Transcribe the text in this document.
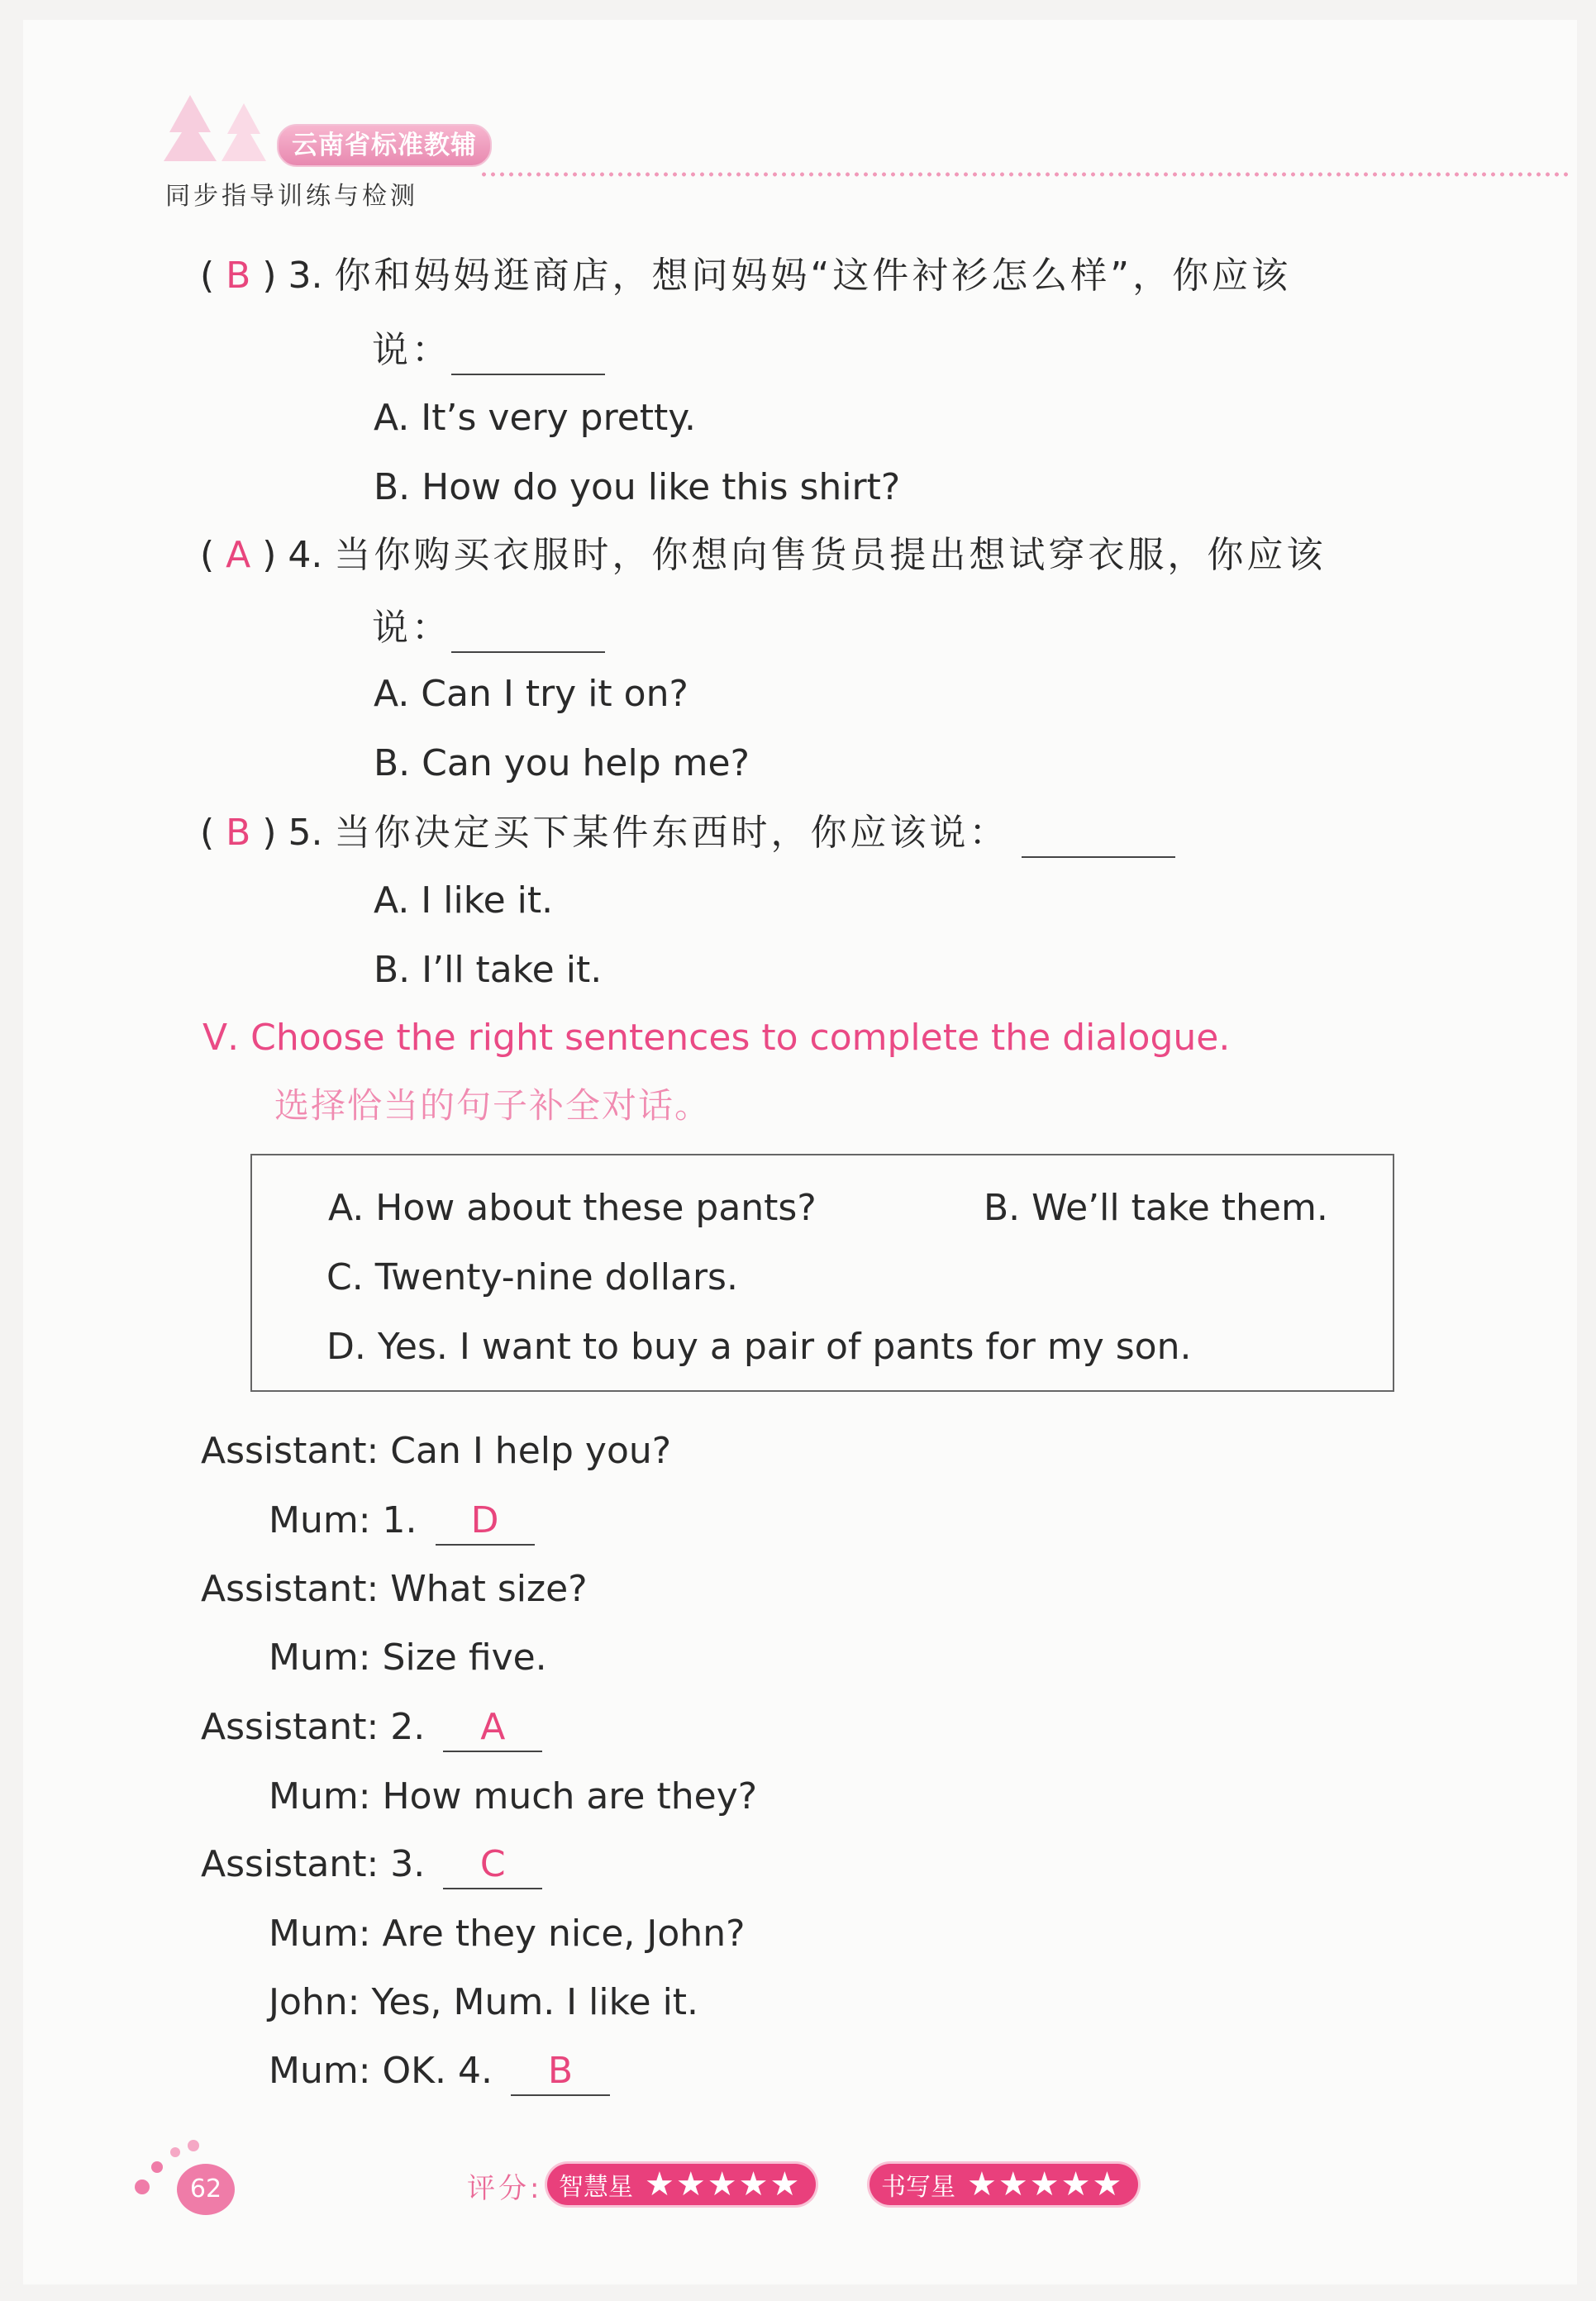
云南省标准教辅
同步指导训练与检测
( B ) 3. 你和妈妈逛商店，想问妈妈“这件衬衫怎么样”，你应该
说：
A. It’s very pretty.
B. How do you like this shirt?
( A ) 4. 当你购买衣服时，你想向售货员提出想试穿衣服，你应该
说：
A. Can I try it on?
B. Can you help me?
( B ) 5. 当你决定买下某件东西时，你应该说：
A. I like it.
B. I’ll take it.
Ⅴ. Choose the right sentences to complete the dialogue.
选择恰当的句子补全对话。
A. How about these pants?	B. We’ll take them.
C. Twenty-nine dollars.
D. Yes. I want to buy a pair of pants for my son.
Assistant: Can I help you?
Mum: 1. D
Assistant: What size?
Mum: Size five.
Assistant: 2. A
Mum: How much are they?
Assistant: 3. C
Mum: Are they nice, John?
John: Yes, Mum. I like it.
Mum: OK. 4. B
62	评分: 智慧星 ★★★★★	书写星 ★★★★★
